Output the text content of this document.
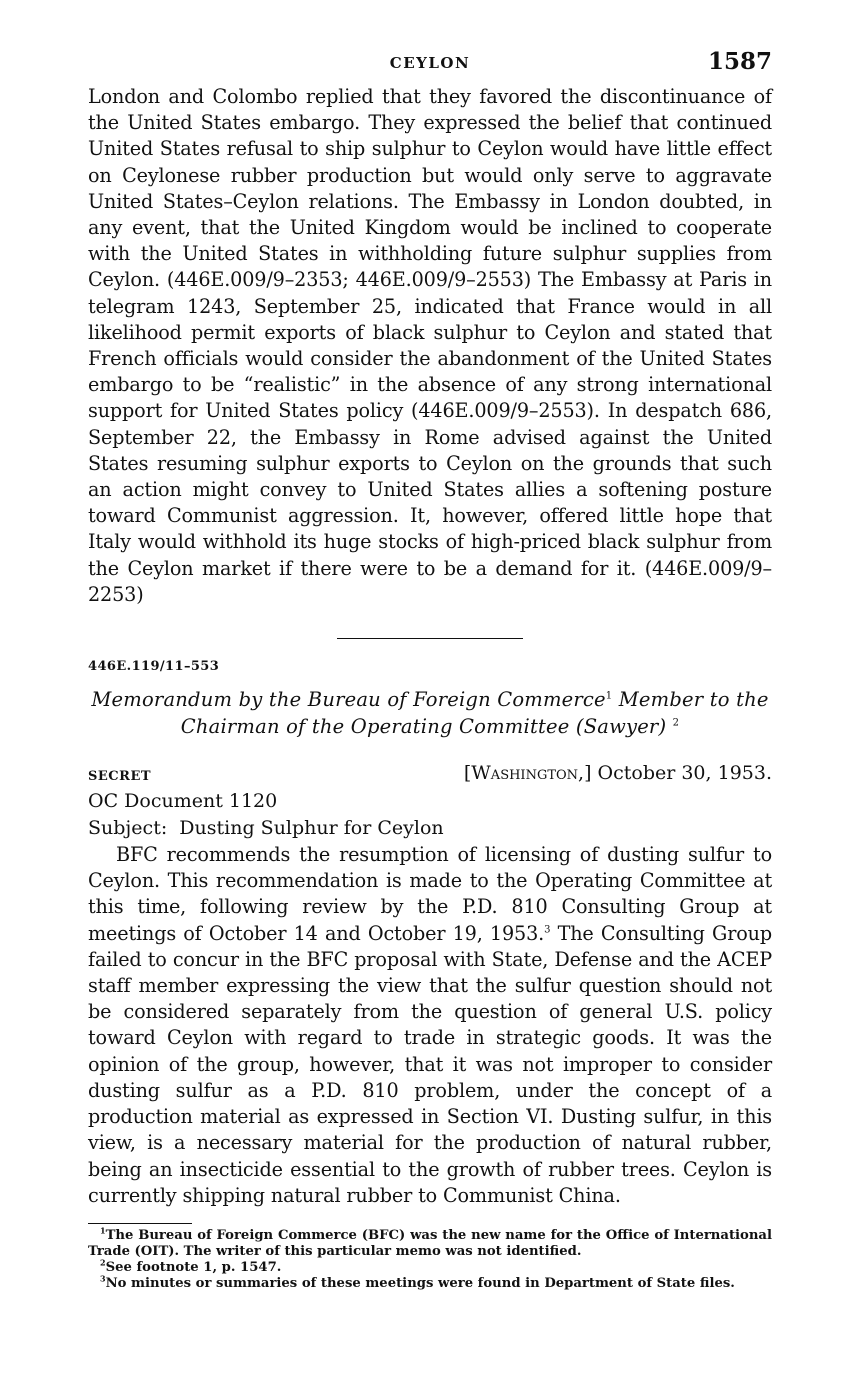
CEYLON	1587

London and Colombo replied that they favored the discontinuance of the United States embargo. They expressed the belief that continued United States refusal to ship sulphur to Ceylon would have little effect on Ceylonese rubber production but would only serve to aggravate United States–Ceylon relations. The Embassy in London doubted, in any event, that the United Kingdom would be inclined to cooperate with the United States in withholding future sulphur supplies from Ceylon. (446E.009/9–2353; 446E.009/9–2553) The Embassy at Paris in telegram 1243, September 25, indicated that France would in all likelihood permit exports of black sulphur to Ceylon and stated that French officials would consider the abandonment of the United States embargo to be “realistic” in the absence of any strong international support for United States policy (446E.009/9–2553). In despatch 686, September 22, the Embassy in Rome advised against the United States resuming sulphur exports to Ceylon on the grounds that such an action might convey to United States allies a softening posture toward Communist aggression. It, however, offered little hope that Italy would withhold its huge stocks of high-priced black sulphur from the Ceylon market if there were to be a demand for it. (446E.009/9–2253)

446E.119/11–553
Memorandum by the Bureau of Foreign Commerce$^1$ Member to the
Chairman of the Operating Committee (Sawyer) $^2$
SECRET	[Washington,] October 30, 1953.
OC Document 1120
Subject:  Dusting Sulphur for Ceylon

BFC recommends the resumption of licensing of dusting sulfur to Ceylon. This recommendation is made to the Operating Committee at this time, following review by the P.D. 810 Consulting Group at meetings of October 14 and October 19, 1953.$^3$ The Consulting Group failed to concur in the BFC proposal with State, Defense and the ACEP staff member expressing the view that the sulfur question should not be considered separately from the question of general U.S. policy toward Ceylon with regard to trade in strategic goods. It was the opinion of the group, however, that it was not improper to consider dusting sulfur as a P.D. 810 problem, under the concept of a production material as expressed in Section VI. Dusting sulfur, in this view, is a necessary material for the production of natural rubber, being an insecticide essential to the growth of rubber trees. Ceylon is currently shipping natural rubber to Communist China.

$^1$The Bureau of Foreign Commerce (BFC) was the new name for the Office of International Trade (OIT). The writer of this particular memo was not identified.
$^2$See footnote 1, p. 1547.
$^3$No minutes or summaries of these meetings were found in Department of State files.
